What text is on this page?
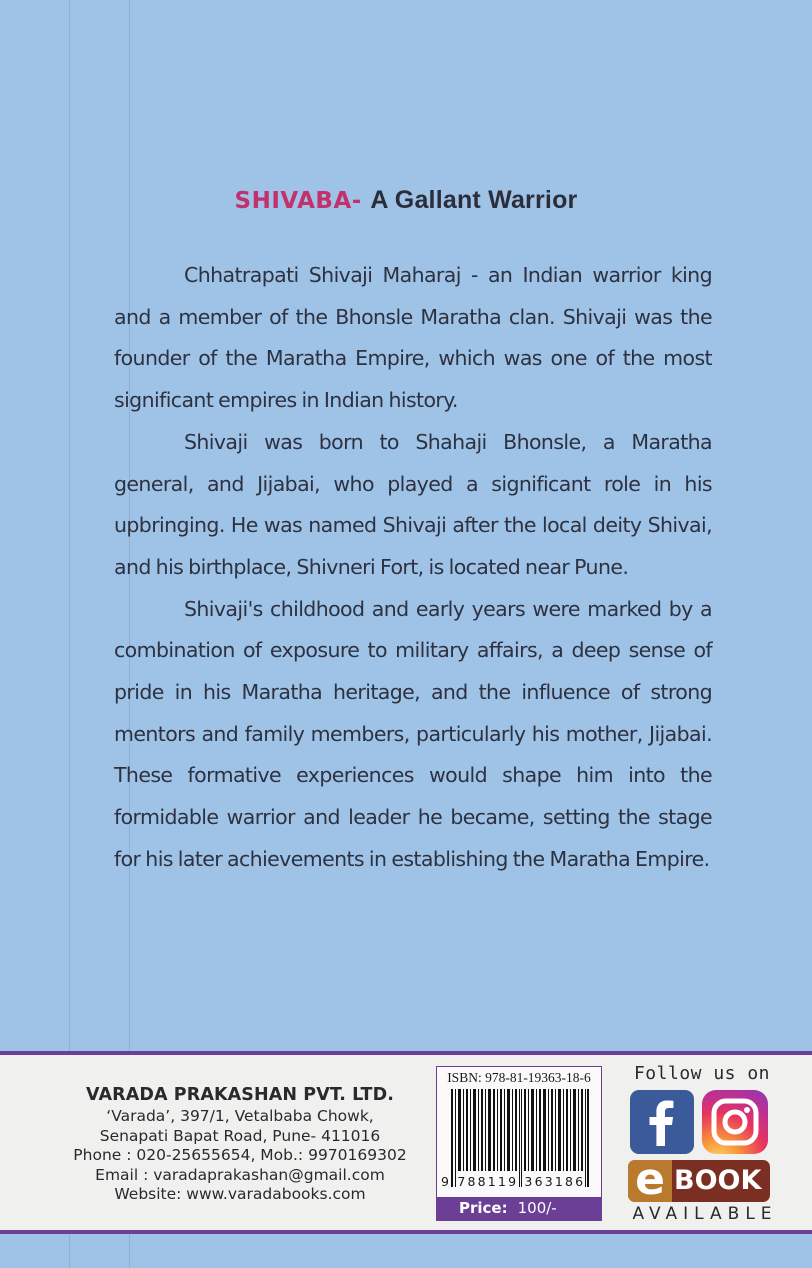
SHIVABA- A Gallant Warrior

Chhatrapati Shivaji Maharaj - an Indian warrior king and a member of the Bhonsle Maratha clan. Shivaji was the founder of the Maratha Empire, which was one of the most significant empires in Indian history.

Shivaji was born to Shahaji Bhonsle, a Maratha general, and Jijabai, who played a significant role in his upbringing. He was named Shivaji after the local deity Shivai, and his birthplace, Shivneri Fort, is located near Pune.

Shivaji's childhood and early years were marked by a combination of exposure to military affairs, a deep sense of pride in his Maratha heritage, and the influence of strong mentors and family members, particularly his mother, Jijabai. These formative experiences would shape him into the formidable warrior and leader he became, setting the stage for his later achievements in establishing the Maratha Empire.

VARADA PRAKASHAN PVT. LTD.
‘Varada’, 397/1, Vetalbaba Chowk,
Senapati Bapat Road, Pune- 411016
Phone : 020-25655654, Mob.: 9970169302
Email : varadaprakashan@gmail.com
Website: www.varadabooks.com
ISBN: 978-81-19363-18-6
9 788119 363186
Price: 100/-
Follow us on
e BOOK
AVAILABLE
